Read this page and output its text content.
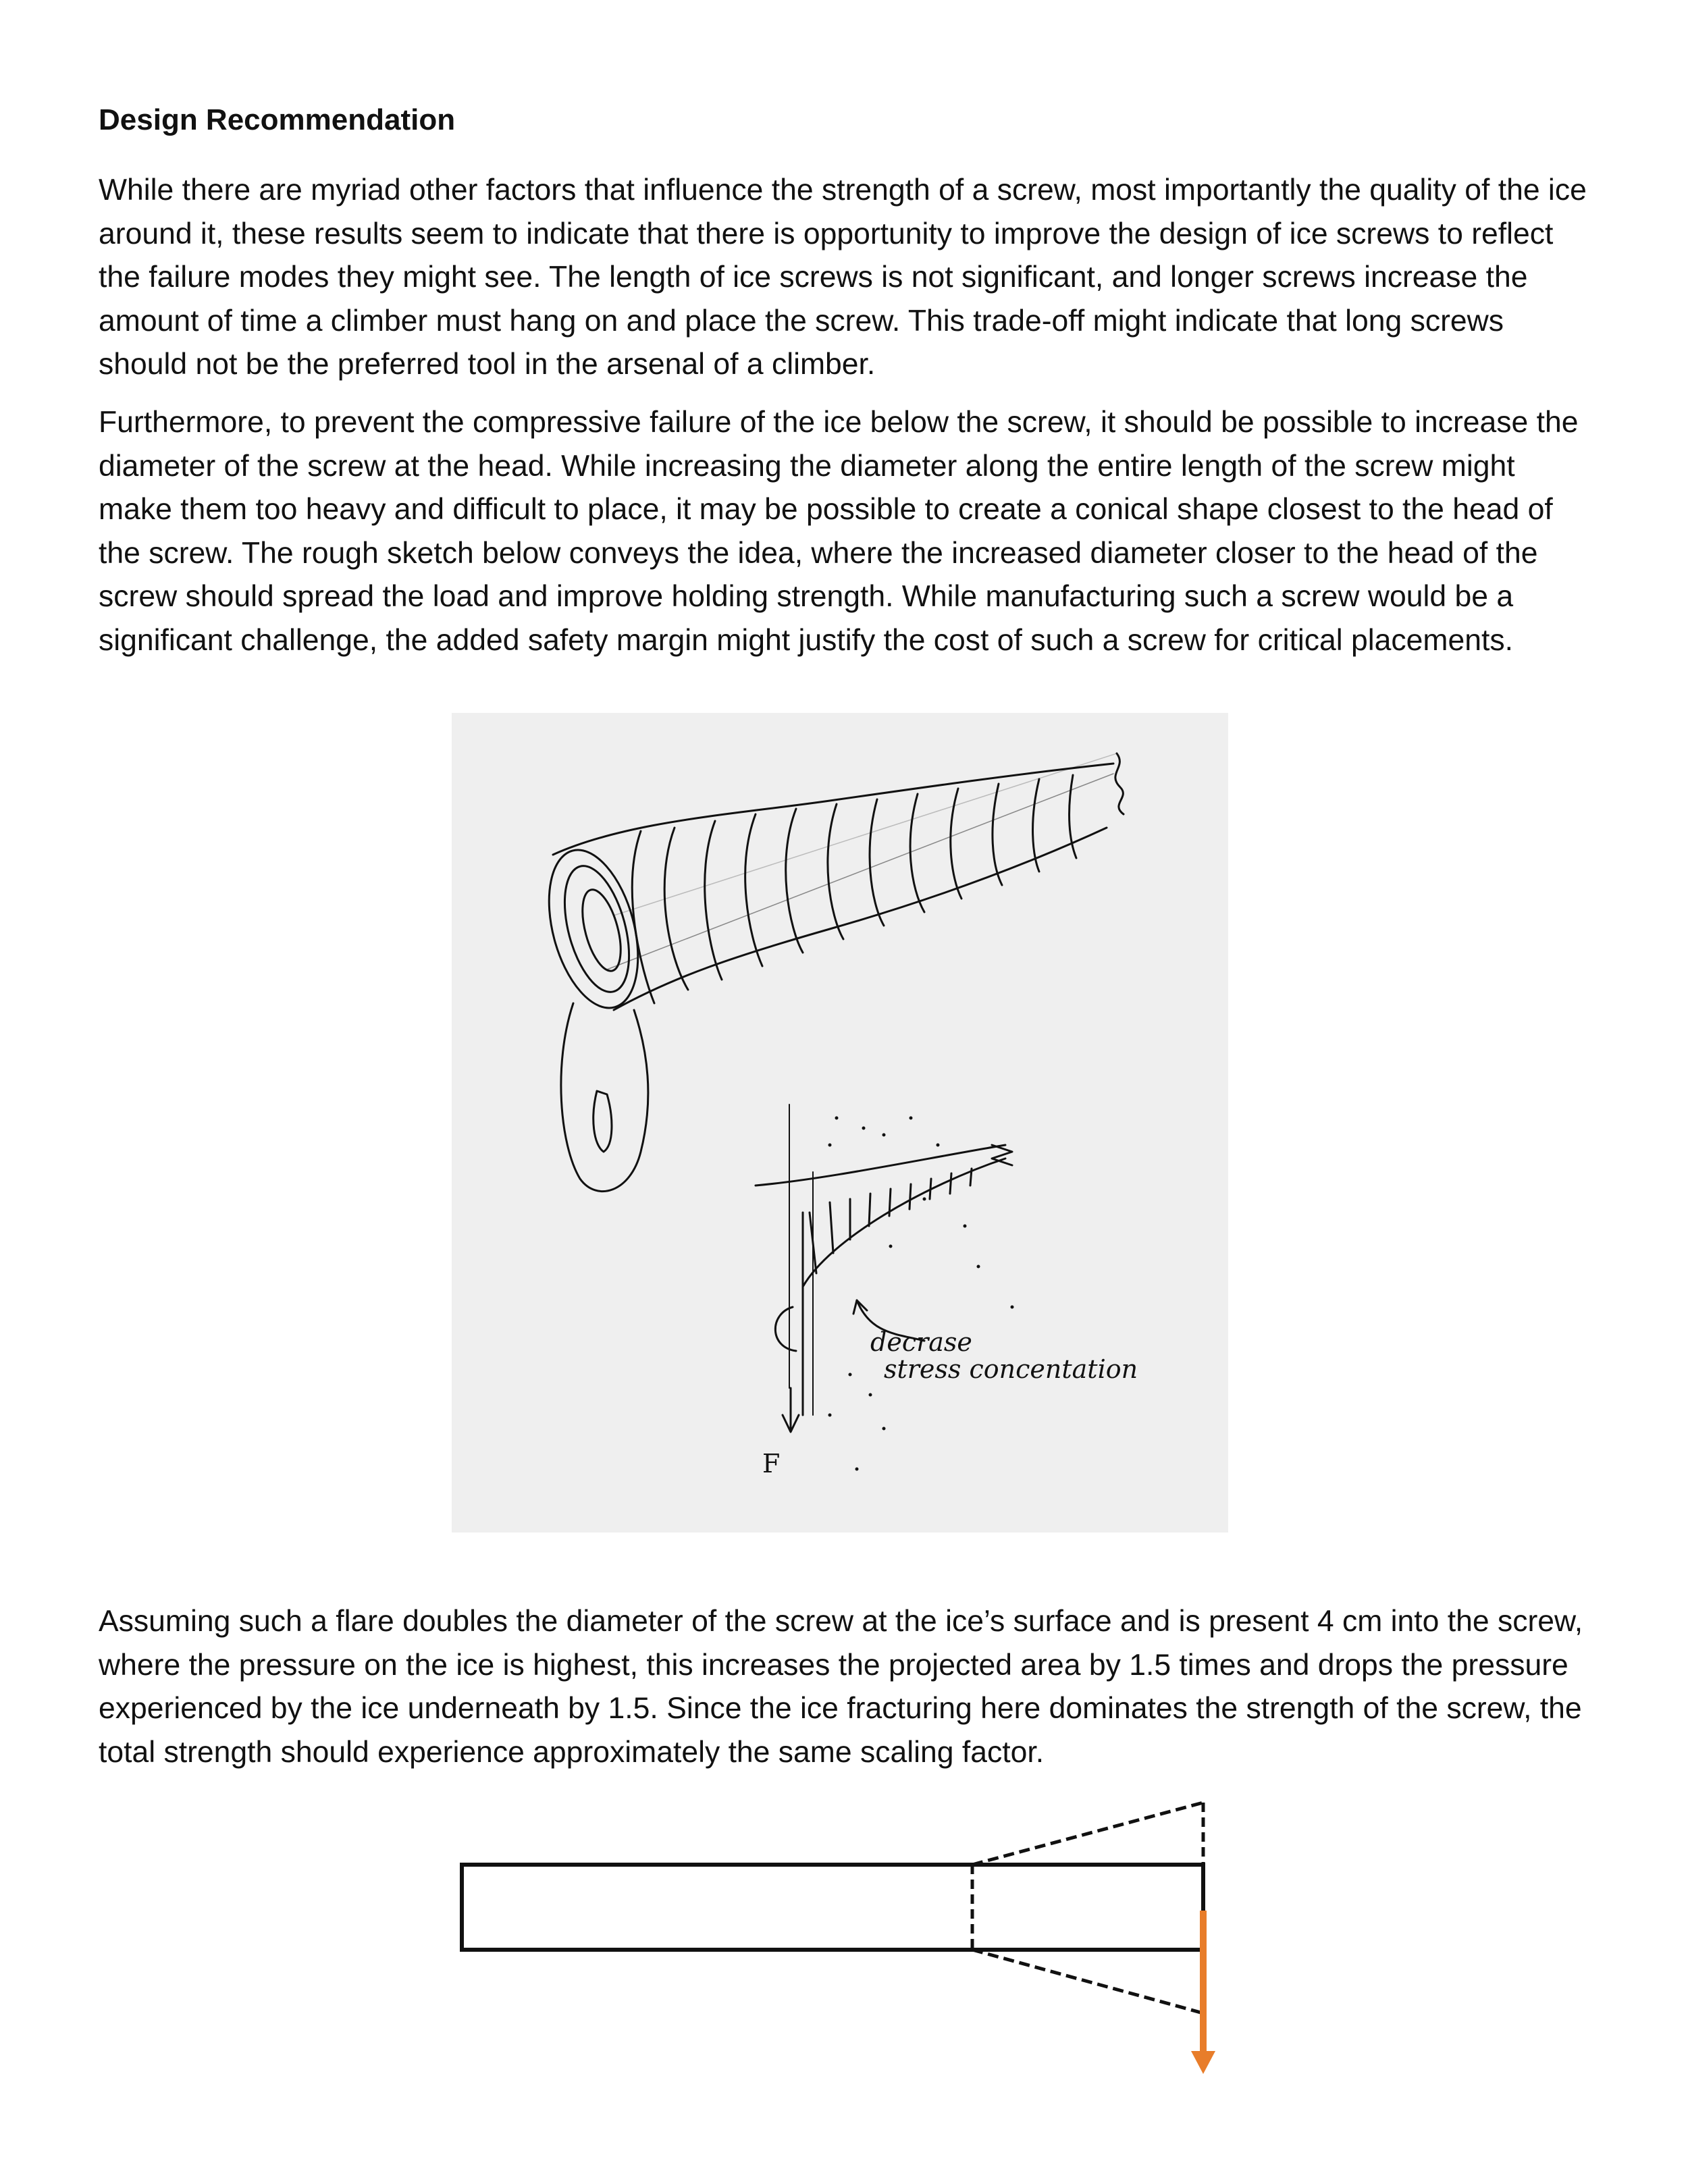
Design Recommendation

While there are myriad other factors that influence the strength of a screw, most importantly the quality of the ice around it, these results seem to indicate that there is opportunity to improve the design of ice screws to reflect the failure modes they might see. The length of ice screws is not significant, and longer screws increase the amount of time a climber must hang on and place the screw. This trade-off might indicate that long screws should not be the preferred tool in the arsenal of a climber.

Furthermore, to prevent the compressive failure of the ice below the screw, it should be possible to increase the diameter of the screw at the head. While increasing the diameter along the entire length of the screw might make them too heavy and difficult to place, it may be possible to create a conical shape closest to the head of the screw. The rough sketch below conveys the idea, where the increased diameter closer to the head of the screw should spread the load and improve holding strength. While manufacturing such a screw would be a significant challenge, the added safety margin might justify the cost of such a screw for critical placements.

decrase
stress concentation
F

Assuming such a flare doubles the diameter of the screw at the ice’s surface and is present 4 cm into the screw, where the pressure on the ice is highest, this increases the projected area by 1.5 times and drops the pressure experienced by the ice underneath by 1.5. Since the ice fracturing here dominates the strength of the screw, the total strength should experience approximately the same scaling factor.
